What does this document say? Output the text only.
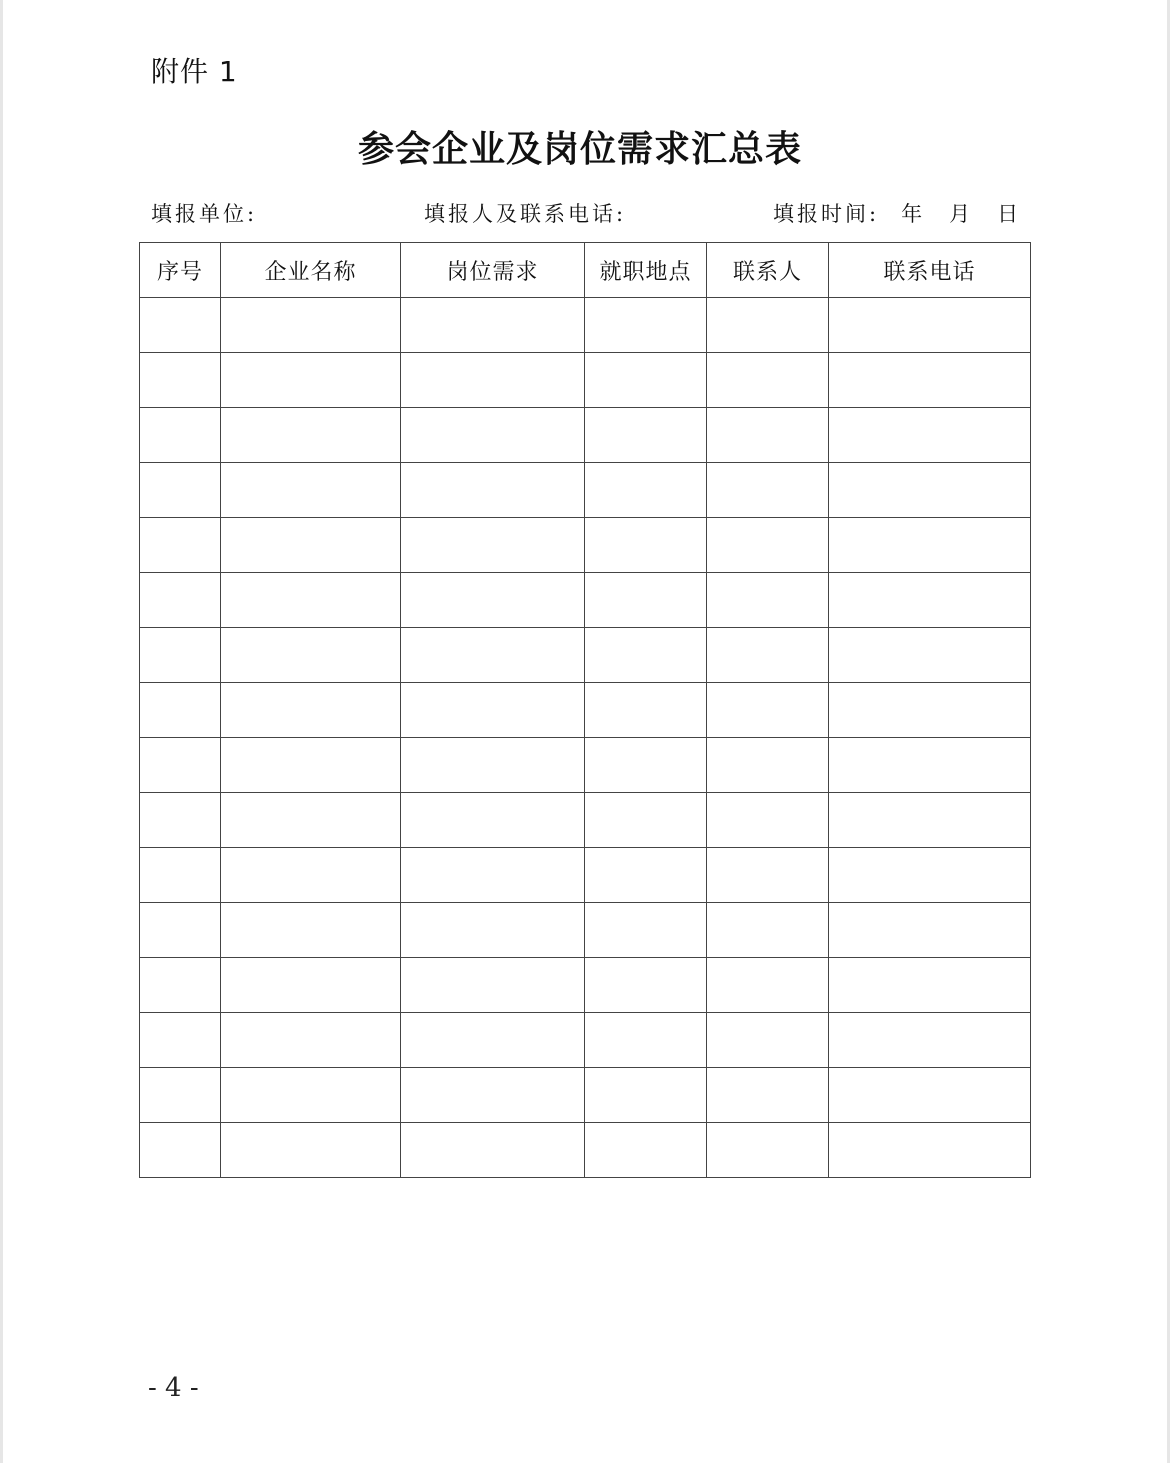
附件 1
参会企业及岗位需求汇总表
填报单位:	填报人及联系电话:	填报时间: 年 月 日
序号	企业名称	岗位需求	就职地点	联系人	联系电话

- 4 -
